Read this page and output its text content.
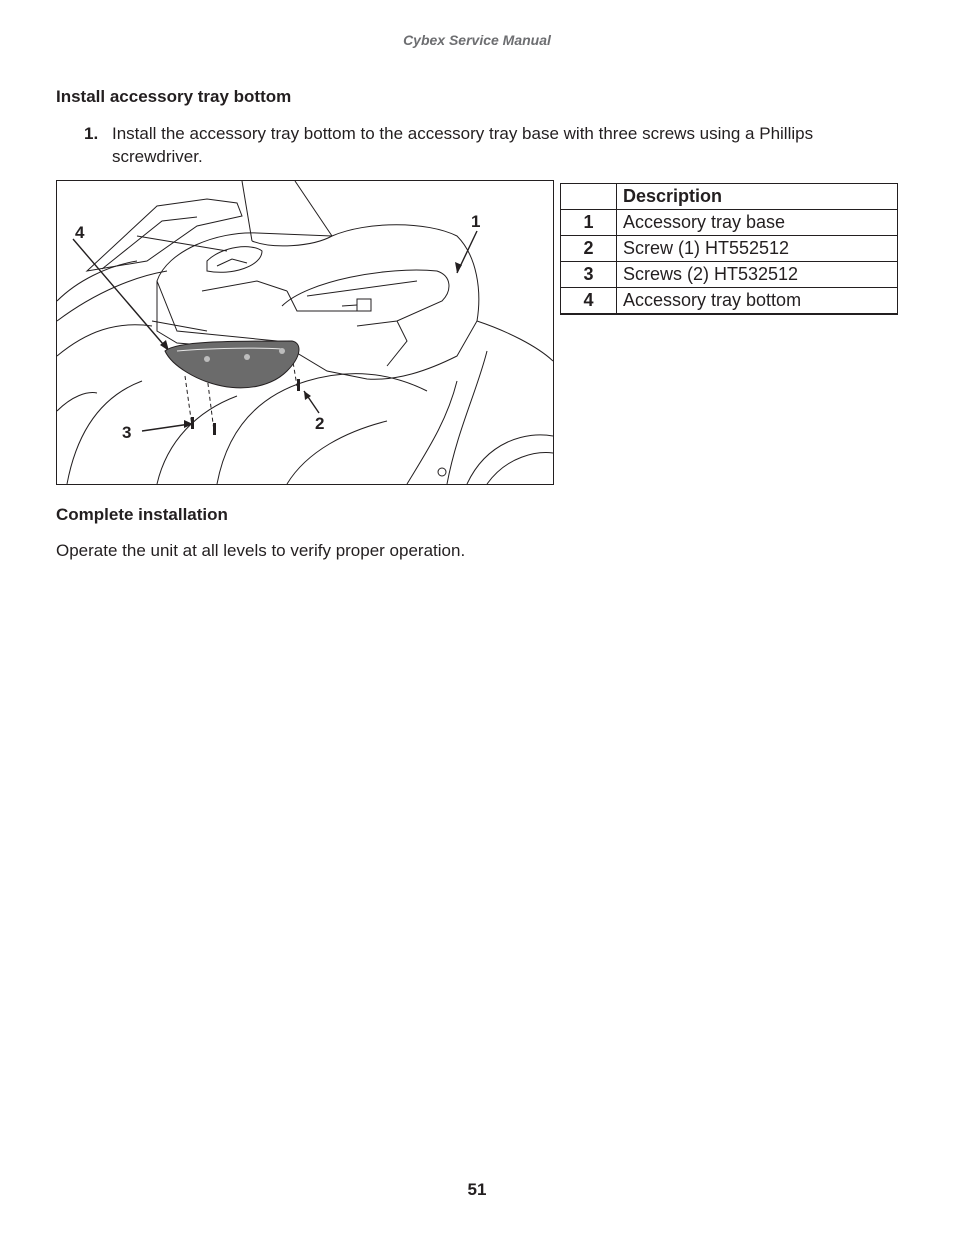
Cybex Service Manual
Install accessory tray bottom
1. Install the accessory tray bottom to the accessory tray base with three screws using a Phillips screwdriver.
4
1
3	2
	Description
1	Accessory tray base
2	Screw (1) HT552512
3	Screws (2) HT532512
4	Accessory tray bottom
Complete installation
Operate the unit at all levels to verify proper operation.
51
